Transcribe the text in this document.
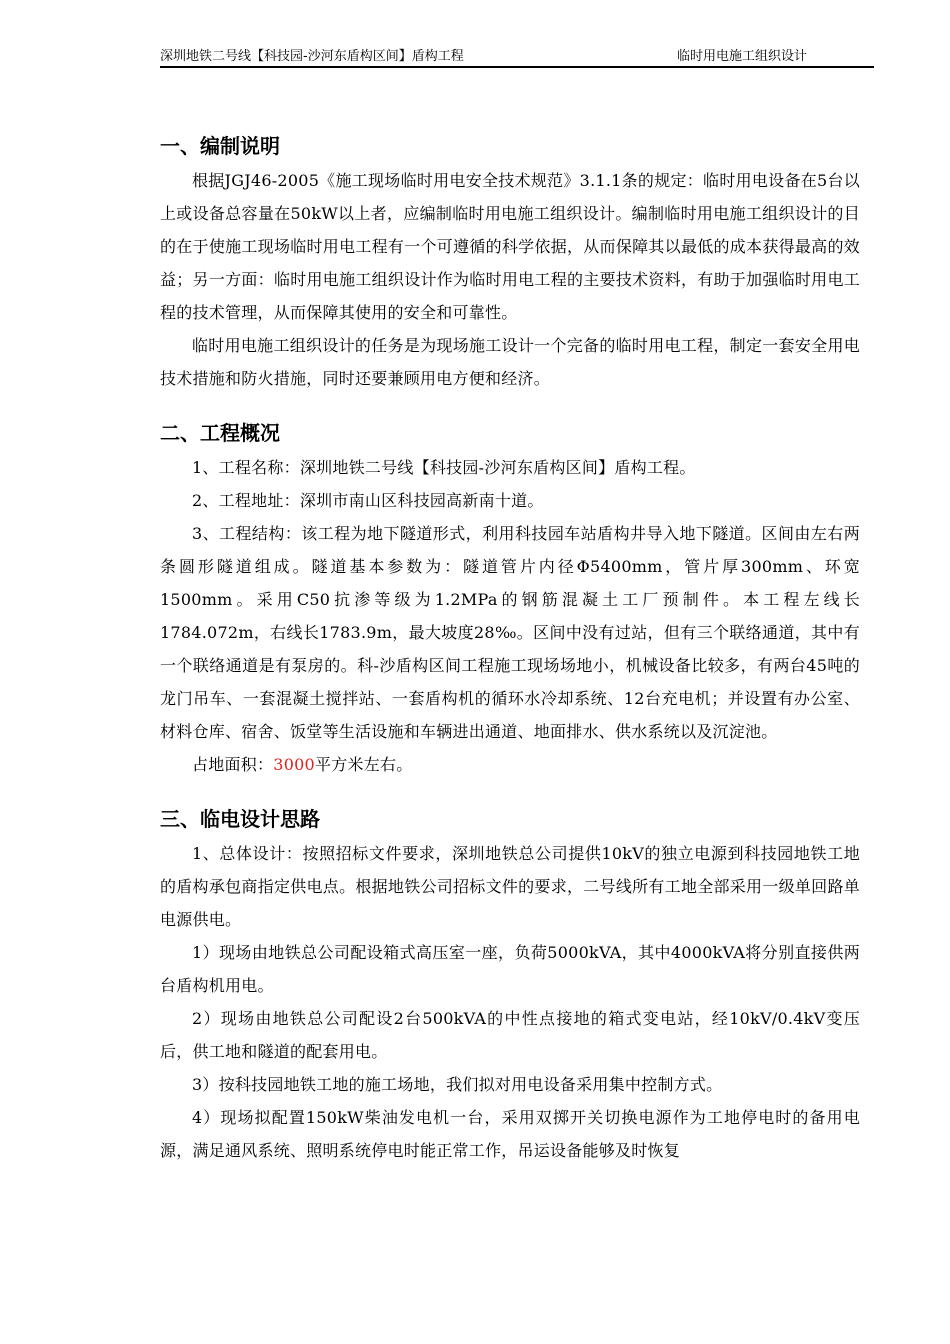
深圳地铁二号线【科技园-沙河东盾构区间】盾构工程	临时用电施工组织设计
一、编制说明

根据JGJ46-2005《施工现场临时用电安全技术规范》3.1.1条的规定：临时用电设备在5台以上或设备总容量在50kW以上者，应编制临时用电施工组织设计。编制临时用电施工组织设计的目的在于使施工现场临时用电工程有一个可遵循的科学依据，从而保障其以最低的成本获得最高的效益；另一方面：临时用电施工组织设计作为临时用电工程的主要技术资料，有助于加强临时用电工程的技术管理，从而保障其使用的安全和可靠性。

临时用电施工组织设计的任务是为现场施工设计一个完备的临时用电工程，制定一套安全用电技术措施和防火措施，同时还要兼顾用电方便和经济。

二、工程概况

1、工程名称：深圳地铁二号线【科技园-沙河东盾构区间】盾构工程。

2、工程地址：深圳市南山区科技园高新南十道。

3、工程结构：该工程为地下隧道形式，利用科技园车站盾构井导入地下隧道。区间由左右两条圆形隧道组成。隧道基本参数为：隧道管片内径Φ5400mm，管片厚300mm、环宽1500mm。采用C50抗渗等级为1.2MPa的钢筋混凝土工厂预制件。本工程左线长1784.072m，右线长1783.9m，最大坡度28‰。区间中没有过站，但有三个联络通道，其中有一个联络通道是有泵房的。科-沙盾构区间工程施工现场场地小，机械设备比较多，有两台45吨的龙门吊车、一套混凝土搅拌站、一套盾构机的循环水冷却系统、12台充电机；并设置有办公室、材料仓库、宿舍、饭堂等生活设施和车辆进出通道、地面排水、供水系统以及沉淀池。

占地面积：3000平方米左右。

三、临电设计思路

1、总体设计：按照招标文件要求，深圳地铁总公司提供10kV的独立电源到科技园地铁工地的盾构承包商指定供电点。根据地铁公司招标文件的要求，二号线所有工地全部采用一级单回路单电源供电。

1）现场由地铁总公司配设箱式高压室一座，负荷5000kVA，其中4000kVA将分别直接供两台盾构机用电。

2）现场由地铁总公司配设2台500kVA的中性点接地的箱式变电站，经10kV/0.4kV变压后，供工地和隧道的配套用电。

3）按科技园地铁工地的施工场地，我们拟对用电设备采用集中控制方式。

4）现场拟配置150kW柴油发电机一台，采用双掷开关切换电源作为工地停电时的备用电源，满足通风系统、照明系统停电时能正常工作，吊运设备能够及时恢复
